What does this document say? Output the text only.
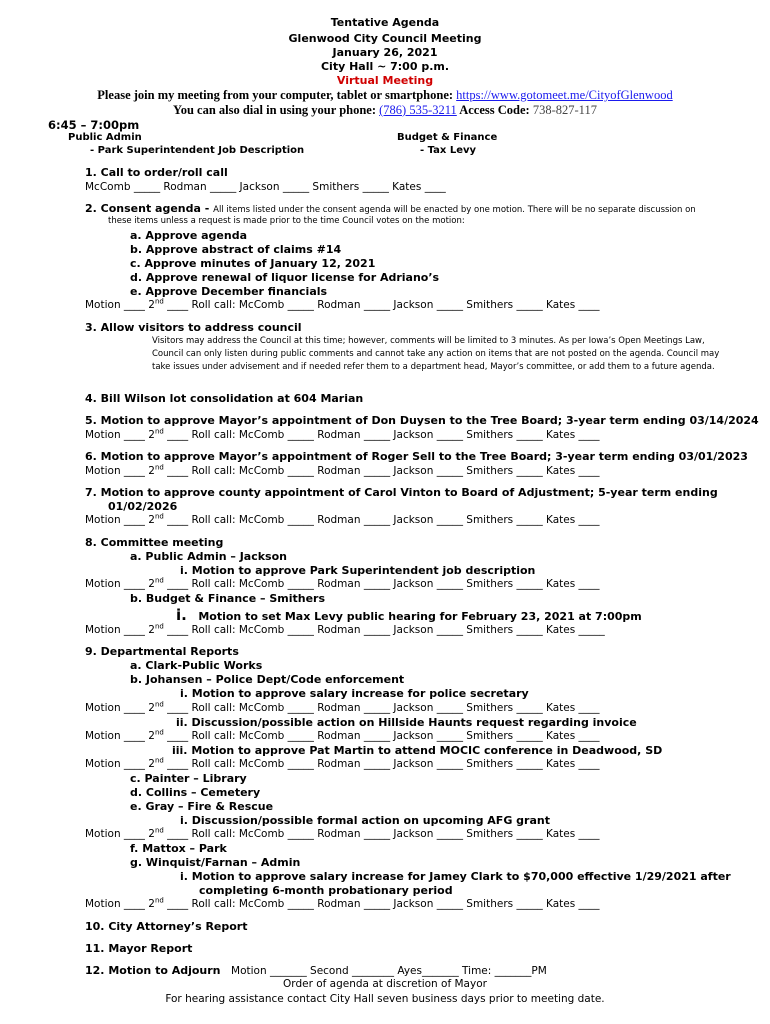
Tentative Agenda
Glenwood City Council Meeting
January 26, 2021
City Hall ~ 7:00 p.m.
Virtual Meeting
Please join my meeting from your computer, tablet or smartphone: https://www.gotomeet.me/CityofGlenwood
You can also dial in using your phone: (786) 535-3211 Access Code: 738-827-117
6:45 – 7:00pm
Public Admin
- Park Superintendent Job Description
Budget & Finance
- Tax Levy
1. Call to order/roll call
McComb _____ Rodman _____ Jackson _____ Smithers _____ Kates ____
2. Consent agenda - All items listed under the consent agenda will be enacted by one motion. There will be no separate discussion on
these items unless a request is made prior to the time Council votes on the motion:
a. Approve agenda
b. Approve abstract of claims #14
c. Approve minutes of January 12, 2021
d. Approve renewal of liquor license for Adriano’s
e. Approve December financials
Motion ____ 2nd ____ Roll call: McComb _____ Rodman _____ Jackson _____ Smithers _____ Kates ____
3. Allow visitors to address council
Visitors may address the Council at this time; however, comments will be limited to 3 minutes. As per Iowa’s Open Meetings Law, Council can only listen during public comments and cannot take any action on items that are not posted on the agenda. Council may take issues under advisement and if needed refer them to a department head, Mayor’s committee, or add them to a future agenda.
4. Bill Wilson lot consolidation at 604 Marian
5. Motion to approve Mayor’s appointment of Don Duysen to the Tree Board; 3-year term ending 03/14/2024
Motion ____ 2nd ____ Roll call: McComb _____ Rodman _____ Jackson _____ Smithers _____ Kates ____
6. Motion to approve Mayor’s appointment of Roger Sell to the Tree Board; 3-year term ending 03/01/2023
Motion ____ 2nd ____ Roll call: McComb _____ Rodman _____ Jackson _____ Smithers _____ Kates ____
7. Motion to approve county appointment of Carol Vinton to Board of Adjustment; 5-year term ending
01/02/2026
Motion ____ 2nd ____ Roll call: McComb _____ Rodman _____ Jackson _____ Smithers _____ Kates ____
8. Committee meeting
a. Public Admin – Jackson
i. Motion to approve Park Superintendent job description
Motion ____ 2nd ____ Roll call: McComb _____ Rodman _____ Jackson _____ Smithers _____ Kates ____
b. Budget & Finance – Smithers
i. Motion to set Max Levy public hearing for February 23, 2021 at 7:00pm
Motion ____ 2nd ____ Roll call: McComb _____ Rodman _____ Jackson _____ Smithers _____ Kates _____
9. Departmental Reports
a. Clark-Public Works
b. Johansen – Police Dept/Code enforcement
i. Motion to approve salary increase for police secretary
Motion ____ 2nd ____ Roll call: McComb _____ Rodman _____ Jackson _____ Smithers _____ Kates ____
ii. Discussion/possible action on Hillside Haunts request regarding invoice
Motion ____ 2nd ____ Roll call: McComb _____ Rodman _____ Jackson _____ Smithers _____ Kates ____
iii. Motion to approve Pat Martin to attend MOCIC conference in Deadwood, SD
Motion ____ 2nd ____ Roll call: McComb _____ Rodman _____ Jackson _____ Smithers _____ Kates ____
c. Painter – Library
d. Collins – Cemetery
e. Gray – Fire & Rescue
i. Discussion/possible formal action on upcoming AFG grant
Motion ____ 2nd ____ Roll call: McComb _____ Rodman _____ Jackson _____ Smithers _____ Kates ____
f. Mattox – Park
g. Winquist/Farnan – Admin
i. Motion to approve salary increase for Jamey Clark to $70,000 effective 1/29/2021 after
completing 6-month probationary period
Motion ____ 2nd ____ Roll call: McComb _____ Rodman _____ Jackson _____ Smithers _____ Kates ____
10. City Attorney’s Report
11. Mayor Report
12. Motion to Adjourn Motion _______ Second ________ Ayes_______ Time: _______PM
Order of agenda at discretion of Mayor
For hearing assistance contact City Hall seven business days prior to meeting date.
